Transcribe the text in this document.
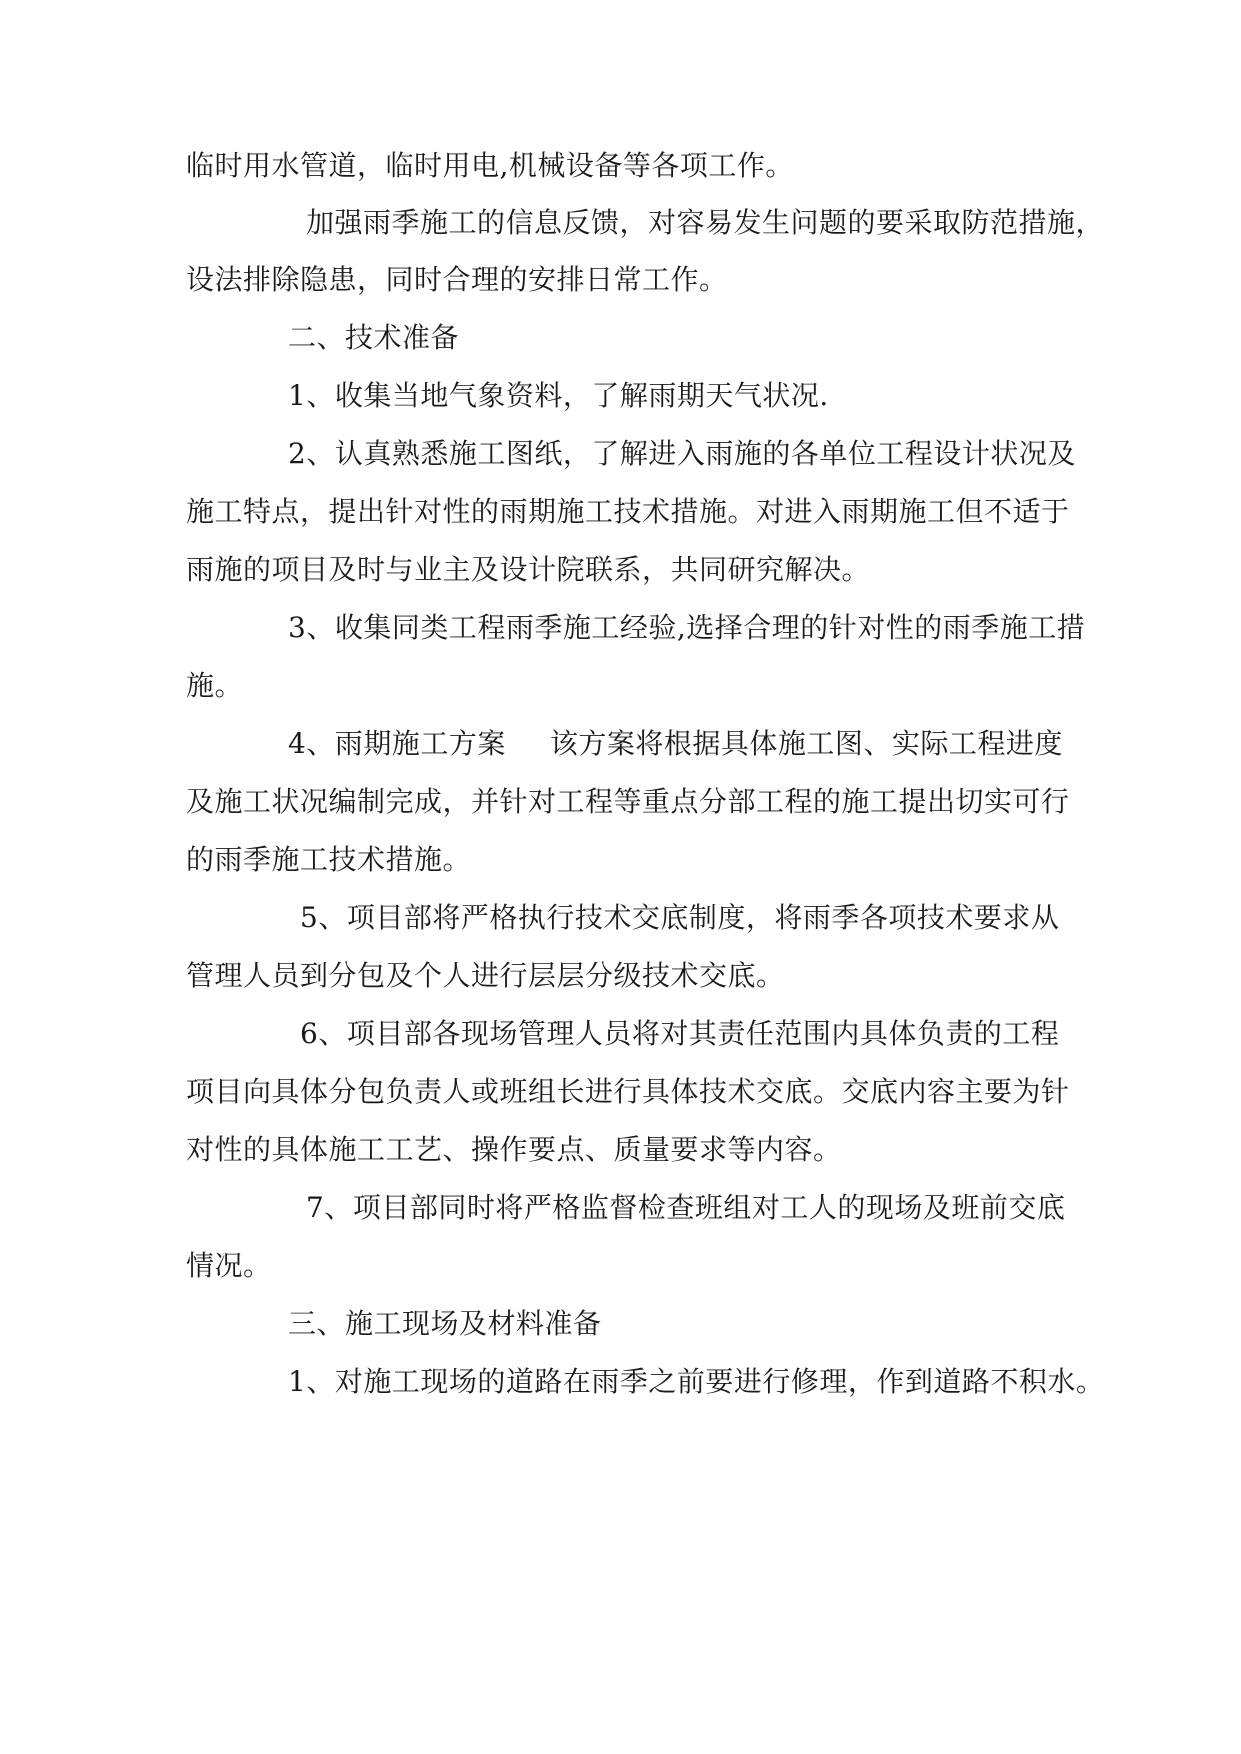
临时用水管道，临时用电,机械设备等各项工作。
加强雨季施工的信息反馈，对容易发生问题的要采取防范措施，
设法排除隐患，同时合理的安排日常工作。
二、技术准备
1、收集当地气象资料，了解雨期天气状况.
2、认真熟悉施工图纸，了解进入雨施的各单位工程设计状况及
施工特点，提出针对性的雨期施工技术措施。对进入雨期施工但不适于
雨施的项目及时与业主及设计院联系，共同研究解决。
3、收集同类工程雨季施工经验,选择合理的针对性的雨季施工措
施。
4、雨期施工方案 该方案将根据具体施工图、实际工程进度
及施工状况编制完成，并针对工程等重点分部工程的施工提出切实可行
的雨季施工技术措施。
5、项目部将严格执行技术交底制度，将雨季各项技术要求从
管理人员到分包及个人进行层层分级技术交底。
6、项目部各现场管理人员将对其责任范围内具体负责的工程
项目向具体分包负责人或班组长进行具体技术交底。交底内容主要为针
对性的具体施工工艺、操作要点、质量要求等内容。
7、项目部同时将严格监督检查班组对工人的现场及班前交底
情况。
三、施工现场及材料准备
1、对施工现场的道路在雨季之前要进行修理，作到道路不积水。
